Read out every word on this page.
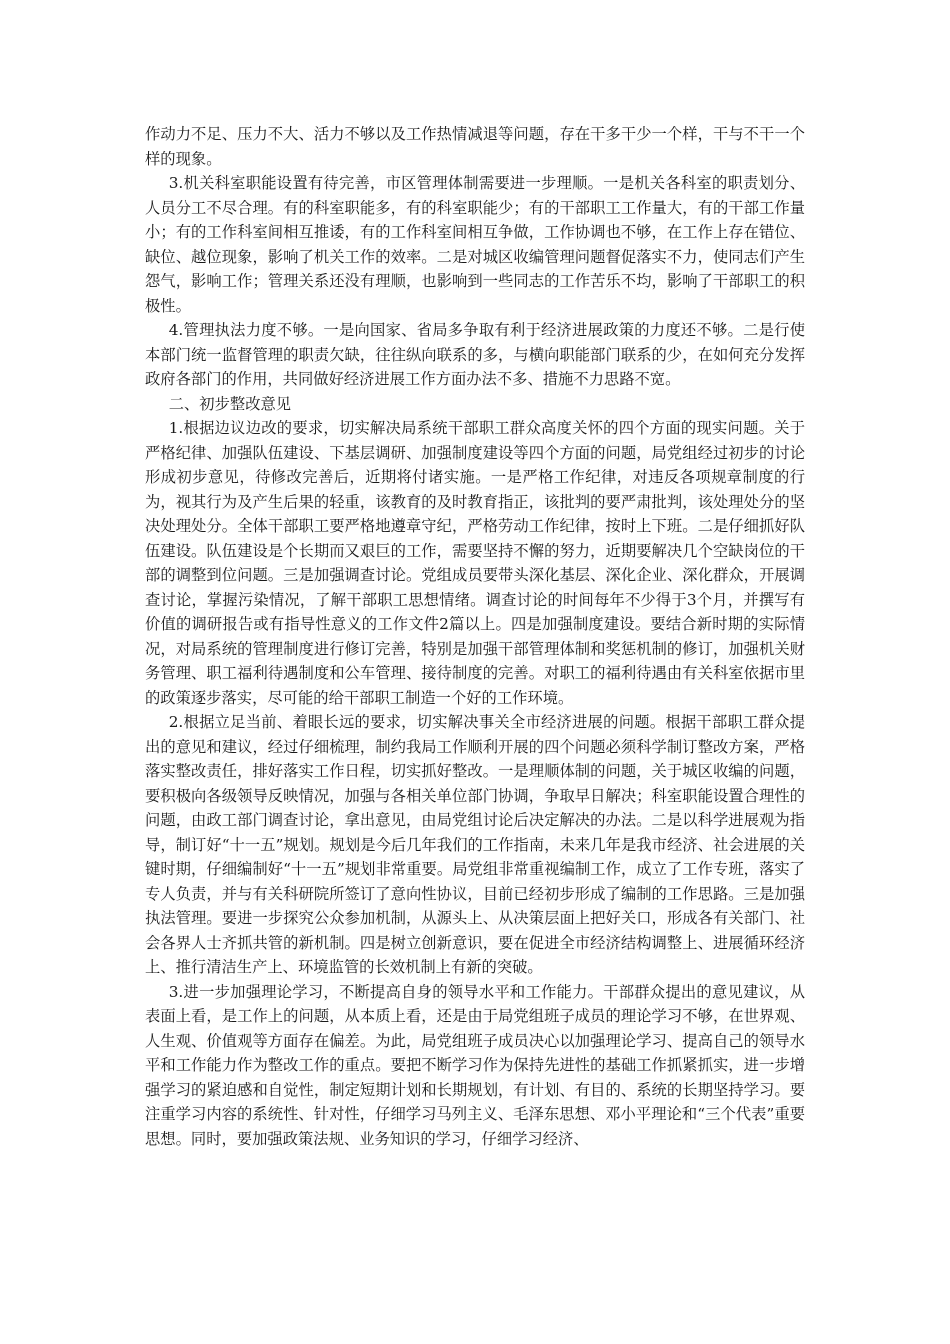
作动力不足、压力不大、活力不够以及工作热情减退等问题，存在干多干少一个样，干与不干一个样的现象。

3.机关科室职能设置有待完善，市区管理体制需要进一步理顺。一是机关各科室的职责划分、人员分工不尽合理。有的科室职能多，有的科室职能少；有的干部职工工作量大，有的干部工作量小；有的工作科室间相互推诿，有的工作科室间相互争做，工作协调也不够，在工作上存在错位、缺位、越位现象，影响了机关工作的效率。二是对城区收编管理问题督促落实不力，使同志们产生怨气，影响工作；管理关系还没有理顺，也影响到一些同志的工作苦乐不均，影响了干部职工的积极性。

4.管理执法力度不够。一是向国家、省局多争取有利于经济进展政策的力度还不够。二是行使本部门统一监督管理的职责欠缺，往往纵向联系的多，与横向职能部门联系的少，在如何充分发挥政府各部门的作用，共同做好经济进展工作方面办法不多、措施不力思路不宽。

二、初步整改意见

1.根据边议边改的要求，切实解决局系统干部职工群众高度关怀的四个方面的现实问题。关于严格纪律、加强队伍建设、下基层调研、加强制度建设等四个方面的问题，局党组经过初步的讨论形成初步意见，待修改完善后，近期将付诸实施。一是严格工作纪律，对违反各项规章制度的行为，视其行为及产生后果的轻重，该教育的及时教育指正，该批判的要严肃批判，该处理处分的坚决处理处分。全体干部职工要严格地遵章守纪，严格劳动工作纪律，按时上下班。二是仔细抓好队伍建设。队伍建设是个长期而又艰巨的工作，需要坚持不懈的努力，近期要解决几个空缺岗位的干部的调整到位问题。三是加强调查讨论。党组成员要带头深化基层、深化企业、深化群众，开展调查讨论，掌握污染情况，了解干部职工思想情绪。调查讨论的时间每年不少得于3个月，并撰写有价值的调研报告或有指导性意义的工作文件2篇以上。四是加强制度建设。要结合新时期的实际情况，对局系统的管理制度进行修订完善，特别是加强干部管理体制和奖惩机制的修订，加强机关财务管理、职工福利待遇制度和公车管理、接待制度的完善。对职工的福利待遇由有关科室依据市里的政策逐步落实，尽可能的给干部职工制造一个好的工作环境。

2.根据立足当前、着眼长远的要求，切实解决事关全市经济进展的问题。根据干部职工群众提出的意见和建议，经过仔细梳理，制约我局工作顺利开展的四个问题必须科学制订整改方案，严格落实整改责任，排好落实工作日程，切实抓好整改。一是理顺体制的问题，关于城区收编的问题，要积极向各级领导反映情况，加强与各相关单位部门协调，争取早日解决；科室职能设置合理性的问题，由政工部门调查讨论，拿出意见，由局党组讨论后决定解决的办法。二是以科学进展观为指导，制订好“十一五”规划。规划是今后几年我们的工作指南，未来几年是我市经济、社会进展的关键时期，仔细编制好“十一五”规划非常重要。局党组非常重视编制工作，成立了工作专班，落实了专人负责，并与有关科研院所签订了意向性协议，目前已经初步形成了编制的工作思路。三是加强执法管理。要进一步探究公众参加机制，从源头上、从决策层面上把好关口，形成各有关部门、社会各界人士齐抓共管的新机制。四是树立创新意识，要在促进全市经济结构调整上、进展循环经济上、推行清洁生产上、环境监管的长效机制上有新的突破。

3.进一步加强理论学习，不断提高自身的领导水平和工作能力。干部群众提出的意见建议，从表面上看，是工作上的问题，从本质上看，还是由于局党组班子成员的理论学习不够，在世界观、人生观、价值观等方面存在偏差。为此，局党组班子成员决心以加强理论学习、提高自己的领导水平和工作能力作为整改工作的重点。要把不断学习作为保持先进性的基础工作抓紧抓实，进一步增强学习的紧迫感和自觉性，制定短期计划和长期规划，有计划、有目的、系统的长期坚持学习。要注重学习内容的系统性、针对性，仔细学习马列主义、毛泽东思想、邓小平理论和“三个代表”重要思想。同时，要加强政策法规、业务知识的学习，仔细学习经济、
